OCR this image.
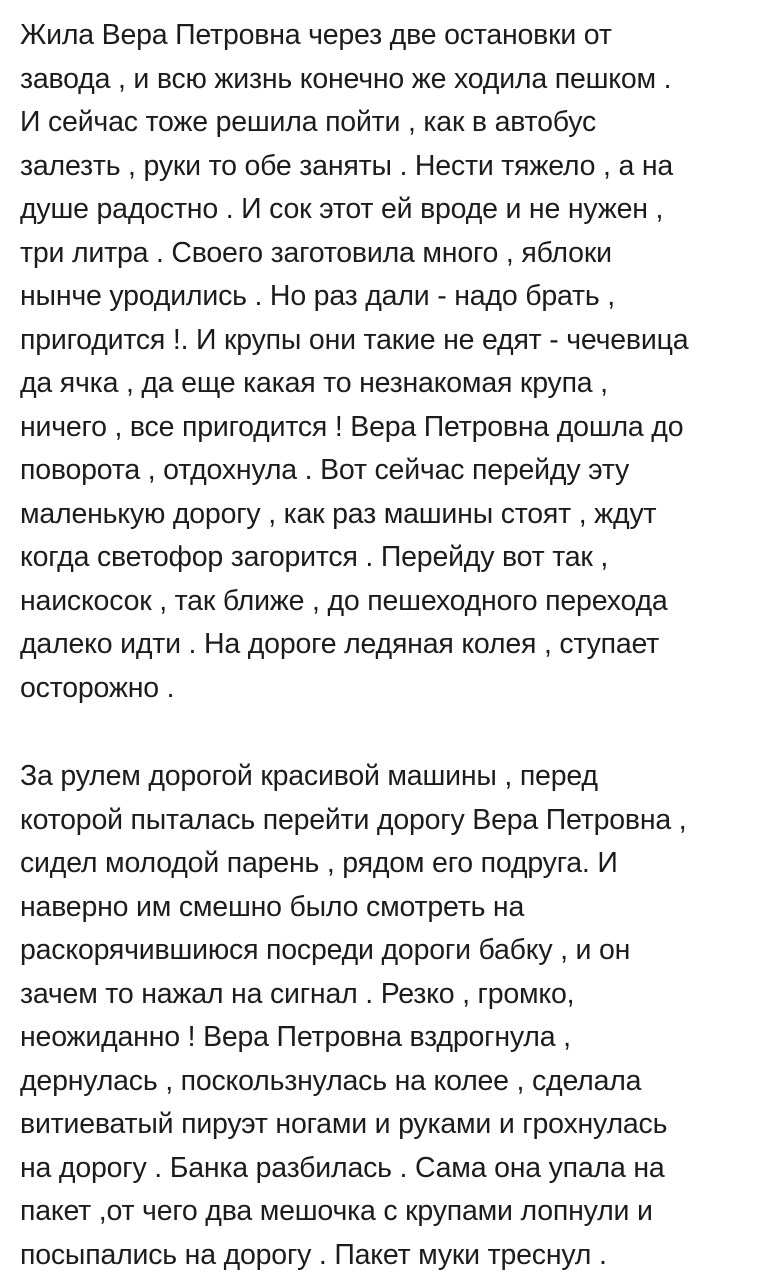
Жила Вера Петровна через две остановки от
завода , и всю жизнь конечно же ходила пешком .
И сейчас тоже решила пойти , как в автобус
залезть , руки то обе заняты . Нести тяжело , а на
душе радостно . И сок этот ей вроде и не нужен ,
три литра . Своего заготовила много , яблоки
нынче уродились . Но раз дали - надо брать ,
пригодится !. И крупы они такие не едят - чечевица
да ячка , да еще какая то незнакомая крупа ,
ничего , все пригодится ! Вера Петровна дошла до
поворота , отдохнула . Вот сейчас перейду эту
маленькую дорогу , как раз машины стоят , ждут
когда светофор загорится . Перейду вот так ,
наискосок , так ближе , до пешеходного перехода
далеко идти . На дороге ледяная колея , ступает
осторожно .

За рулем дорогой красивой машины , перед
которой пыталась перейти дорогу Вера Петровна ,
сидел молодой парень , рядом его подруга. И
наверно им смешно было смотреть на
раскорячившиюся посреди дороги бабку , и он
зачем то нажал на сигнал . Резко , громко,
неожиданно ! Вера Петровна вздрогнула ,
дернулась , поскользнулась на колее , сделала
витиеватый пируэт ногами и руками и грохнулась
на дорогу . Банка разбилась . Сама она упала на
пакет ,от чего два мешочка с крупами лопнули и
посыпались на дорогу . Пакет муки треснул .
